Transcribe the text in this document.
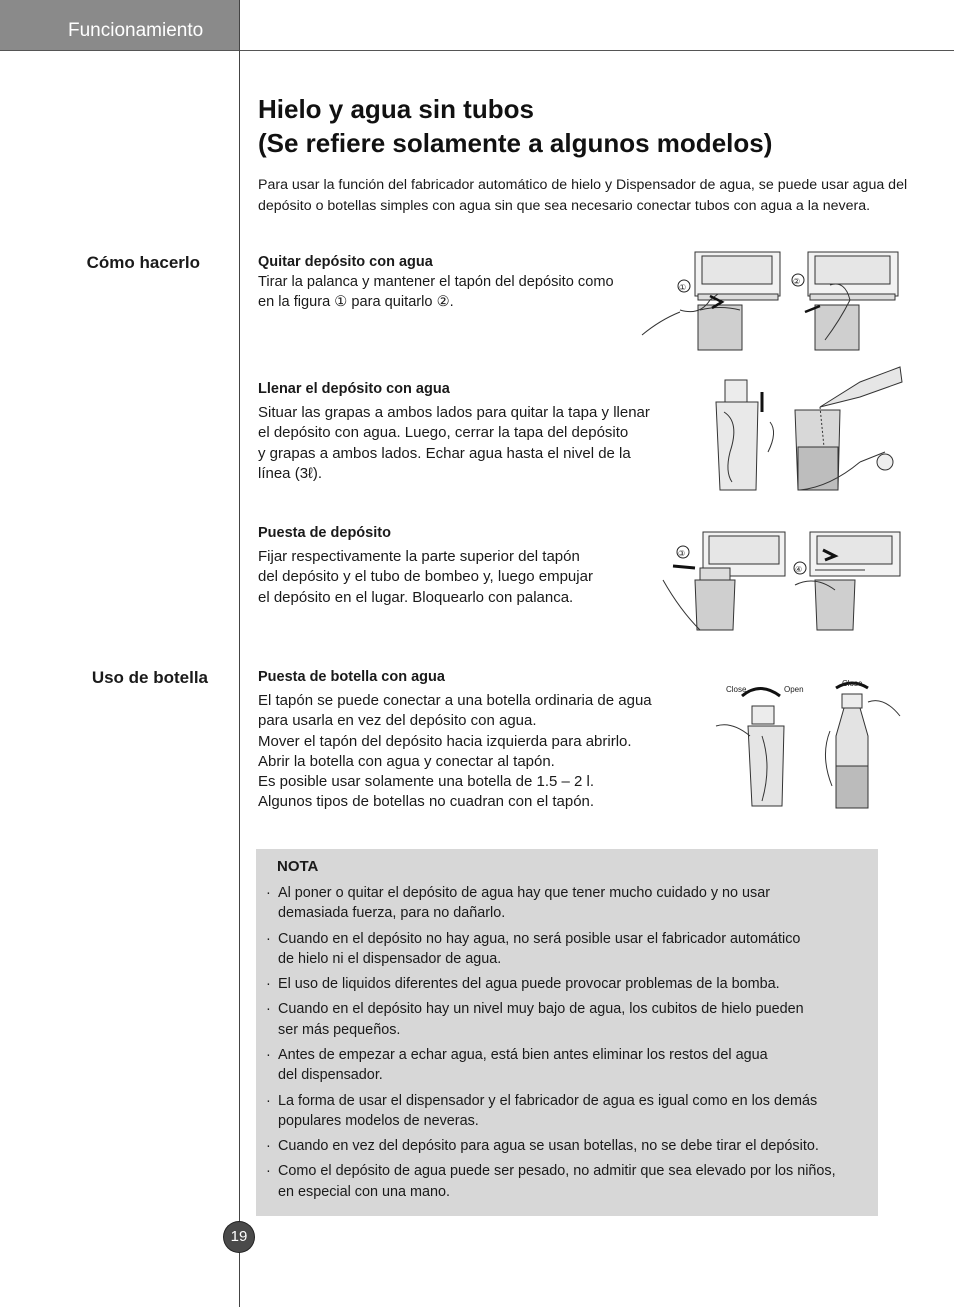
Funcionamiento
Hielo y agua sin tubos
(Se refiere solamente a algunos modelos)
Para usar la función del fabricador automático de hielo y Dispensador de agua, se puede usar agua del depósito o botellas simples con agua sin que sea necesario conectar tubos con agua a la nevera.
Cómo hacerlo
Uso de botella
Quitar depósito con agua
Tirar la palanca y mantener el tapón del depósito como
en la figura ① para quitarlo ②.
Llenar el depósito con agua
Situar las grapas a ambos lados para quitar la tapa y llenar
el depósito con agua. Luego, cerrar la tapa del depósito
y grapas a ambos lados. Echar agua hasta el nivel de la
línea (3ℓ).
Puesta de depósito
Fijar respectivamente la parte superior del tapón
del depósito y el tubo de bombeo y, luego empujar
el depósito en el lugar. Bloquearlo con palanca.
Puesta de botella con agua
El tapón se puede conectar a una botella ordinaria de agua
para usarla en vez del depósito con agua.
Mover el tapón del depósito hacia izquierda para abrirlo.
Abrir la botella con agua y conectar al tapón.
Es posible usar solamente una botella de 1.5 – 2 l.
Algunos tipos de botellas no cuadran con el tapón.
①
②
③
④
Close	Open
Close
NOTA
· Al poner o quitar el depósito de agua hay que tener mucho cuidado y no usar
demasiada fuerza, para no dañarlo.
· Cuando en el depósito no hay agua, no será posible usar el fabricador automático
de hielo ni el dispensador de agua.
· El uso de liquidos diferentes del agua puede provocar problemas de la bomba.
· Cuando en el depósito hay un nivel muy bajo de agua, los cubitos de hielo pueden
ser más pequeños.
· Antes de empezar a echar agua, está bien antes eliminar los restos del agua
del dispensador.
· La forma de usar el dispensador y el fabricador de agua es igual como en los demás
populares modelos de neveras.
· Cuando en vez del depósito para agua se usan botellas, no se debe tirar el depósito.
· Como el depósito de agua puede ser pesado, no admitir que sea elevado por los niños,
en especial con una mano.
19
